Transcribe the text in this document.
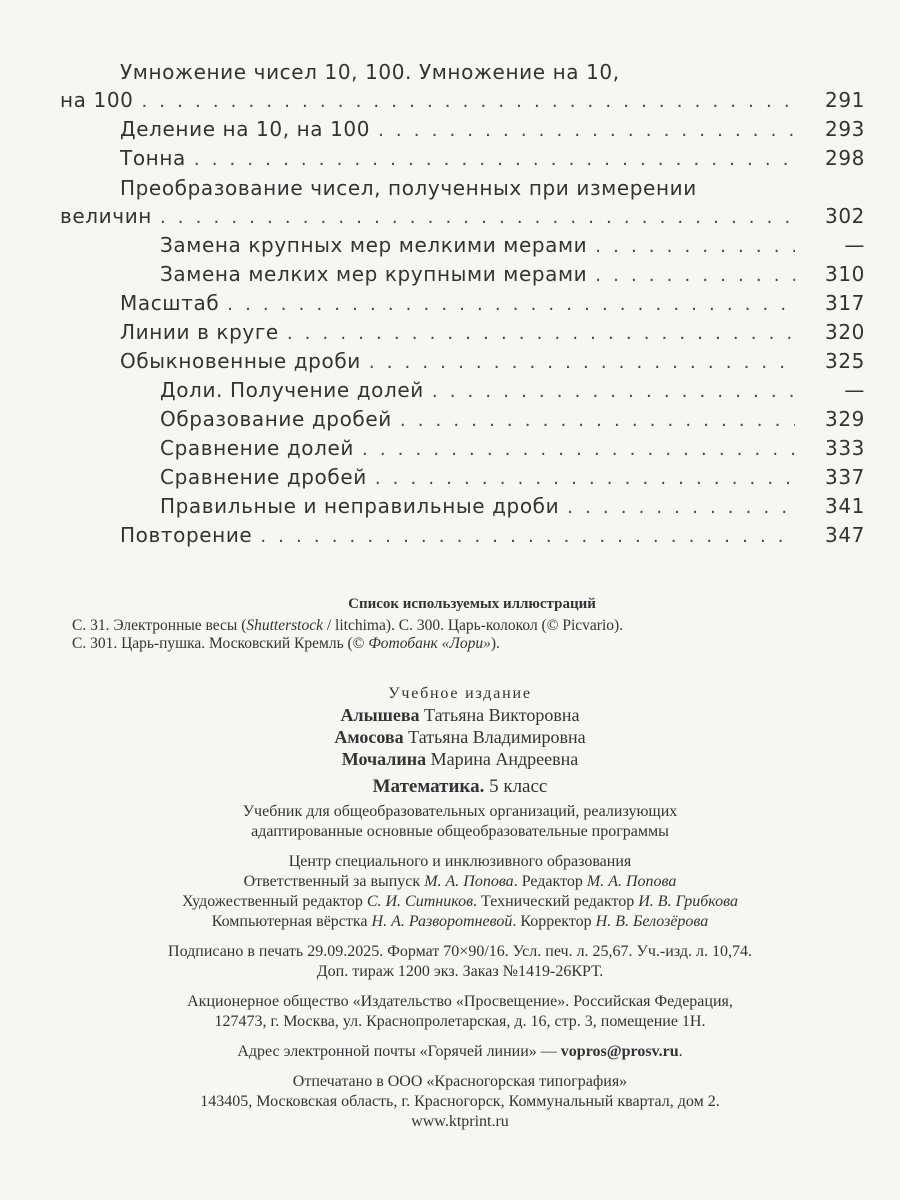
Умножение чисел 10, 100. Умножение на 10,
на 100 . . .	291
Деление на 10, на 100 . . .	293
Тонна . . .	298
Преобразование чисел, полученных при измерении
величин . . .	302
Замена крупных мер мелкими мерами . . .	—
Замена мелких мер крупными мерами . . .	310
Масштаб . . .	317
Линии в круге . . .	320
Обыкновенные дроби . . .	325
Доли. Получение долей . . .	—
Образование дробей . . .	329
Сравнение долей . . .	333
Сравнение дробей . . .	337
Правильные и неправильные дроби . . .	341
Повторение . . .	347
Список используемых иллюстраций
С. 31. Электронные весы (Shutterstock / litchima). С. 300. Царь-колокол (© Picvario).
С. 301. Царь-пушка. Московский Кремль (© Фотобанк «Лори»).
Учебное издание
Алышева Татьяна Викторовна
Амосова Татьяна Владимировна
Мочалина Марина Андреевна
Математика. 5 класс
Учебник для общеобразовательных организаций, реализующих
адаптированные основные общеобразовательные программы
Центр специального и инклюзивного образования
Ответственный за выпуск М. А. Попова. Редактор М. А. Попова
Художественный редактор С. И. Ситников. Технический редактор И. В. Грибкова
Компьютерная вёрстка Н. А. Разворотневой. Корректор Н. В. Белозёрова
Подписано в печать 29.09.2025. Формат 70×90/16. Усл. печ. л. 25,67. Уч.-изд. л. 10,74.
Доп. тираж 1200 экз. Заказ №1419-26КРТ.
Акционерное общество «Издательство «Просвещение». Российская Федерация,
127473, г. Москва, ул. Краснопролетарская, д. 16, стр. 3, помещение 1Н.
Адрес электронной почты «Горячей линии» — vopros@prosv.ru.
Отпечатано в ООО «Красногорская типография»
143405, Московская область, г. Красногорск, Коммунальный квартал, дом 2.
www.ktprint.ru
